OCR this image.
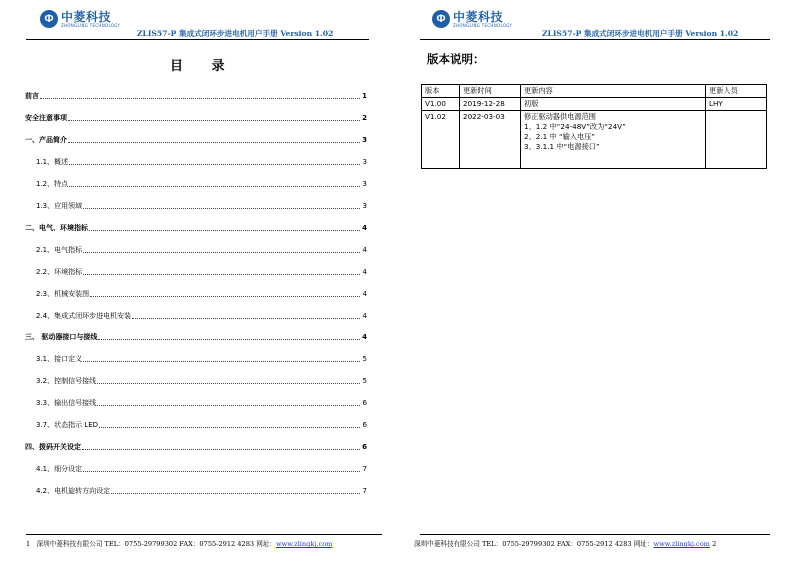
Φ 中菱科技
ZHONGLING TECHNOLOGY
ZLIS57-P 集成式闭环步进电机用户手册 Version 1.02
Φ 中菱科技
ZHONGLING TECHNOLOGY
ZLIS57-P 集成式闭环步进电机用户手册 Version 1.02
目 录
前言	1
安全注意事项	2
一、产品简介	3
1.1、概述	3
1.2、特点	3
1.3、应用领域	3
二、电气、环境指标	4
2.1、电气指标	4
2.2、环境指标	4
2.3、机械安装图	4
2.4、集成式闭环步进电机安装	4
三、 驱动器接口与接线	4
3.1、接口定义	5
3.2、控制信号接线	5
3.3、输出信号接线	6
3.7、状态指示 LED	6
四、拨码开关设定	6
4.1、细分设定	7
4.2、电机旋转方向设定	7
版本说明：
版本	更新时间	更新内容	更新人员
V1.00	2019-12-28	初版	LHY
V1.02	2022-03-03	修正驱动器供电源范围
1、1.2 中“24-48V”改为“24V”
2、2.1 中 “输入电压”
3、3.1.1 中“电源接口”	

1 深圳中菱科技有限公司 TEL：0755-29799302 FAX：0755-2912 4283 网址：www.zlingkj.com	深圳中菱科技有限公司 TEL：0755-29799302 FAX：0755-2912 4283 网址：www.zlingkj.com 2
